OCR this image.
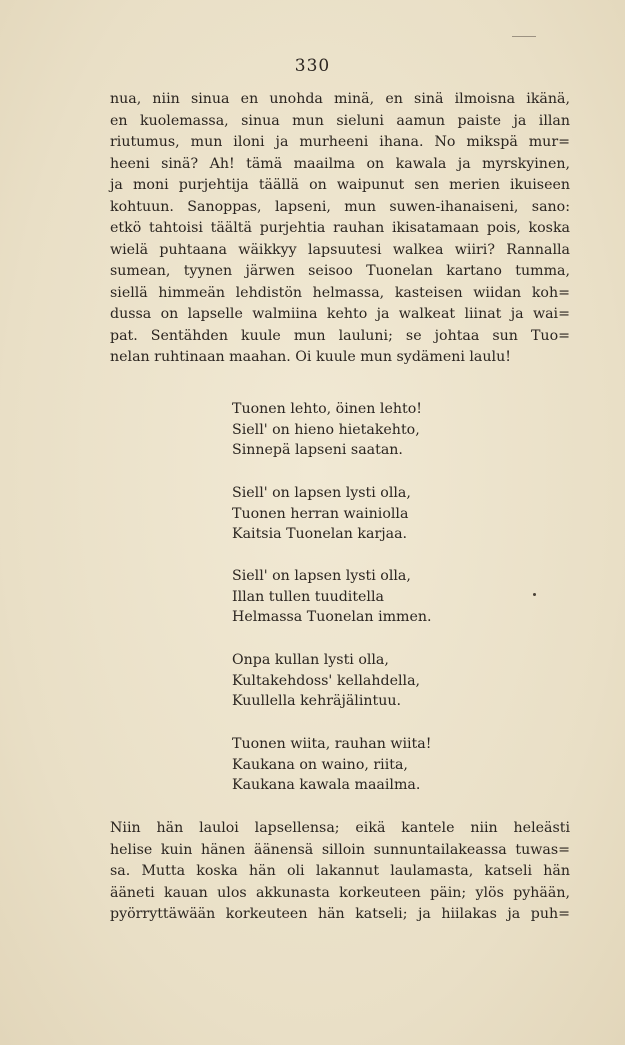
330
nua, niin sinua en unohda minä, en sinä ilmoisna ikänä,
en kuolemassa, sinua mun sieluni aamun paiste ja illan
riutumus, mun iloni ja murheeni ihana. No mikspä mur=
heeni sinä? Ah! tämä maailma on kawala ja myrskyinen,
ja moni purjehtija täällä on waipunut sen merien ikuiseen
kohtuun. Sanoppas, lapseni, mun suwen-ihanaiseni, sano:
etkö tahtoisi täältä purjehtia rauhan ikisatamaan pois, koska
wielä puhtaana wäikkyy lapsuutesi walkea wiiri? Rannalla
sumean, tyynen järwen seisoo Tuonelan kartano tumma,
siellä himmeän lehdistön helmassa, kasteisen wiidan koh=
dussa on lapselle walmiina kehto ja walkeat liinat ja wai=
pat. Sentähden kuule mun lauluni; se johtaa sun Tuo=
nelan ruhtinaan maahan. Oi kuule mun sydämeni laulu!
Tuonen lehto, öinen lehto!
Siell' on hieno hietakehto,
Sinnepä lapseni saatan.
Siell' on lapsen lysti olla,
Tuonen herran wainiolla
Kaitsia Tuonelan karjaa.
Siell' on lapsen lysti olla,
Illan tullen tuuditella
Helmassa Tuonelan immen.
Onpa kullan lysti olla,
Kultakehdoss' kellahdella,
Kuullella kehräjälintuu.
Tuonen wiita, rauhan wiita!
Kaukana on waino, riita,
Kaukana kawala maailma.
Niin hän lauloi lapsellensa; eikä kantele niin heleästi
helise kuin hänen äänensä silloin sunnuntailakeassa tuwas=
sa. Mutta koska hän oli lakannut laulamasta, katseli hän
ääneti kauan ulos akkunasta korkeuteen päin; ylös pyhään,
pyörryttäwään korkeuteen hän katseli; ja hiilakas ja puh=
